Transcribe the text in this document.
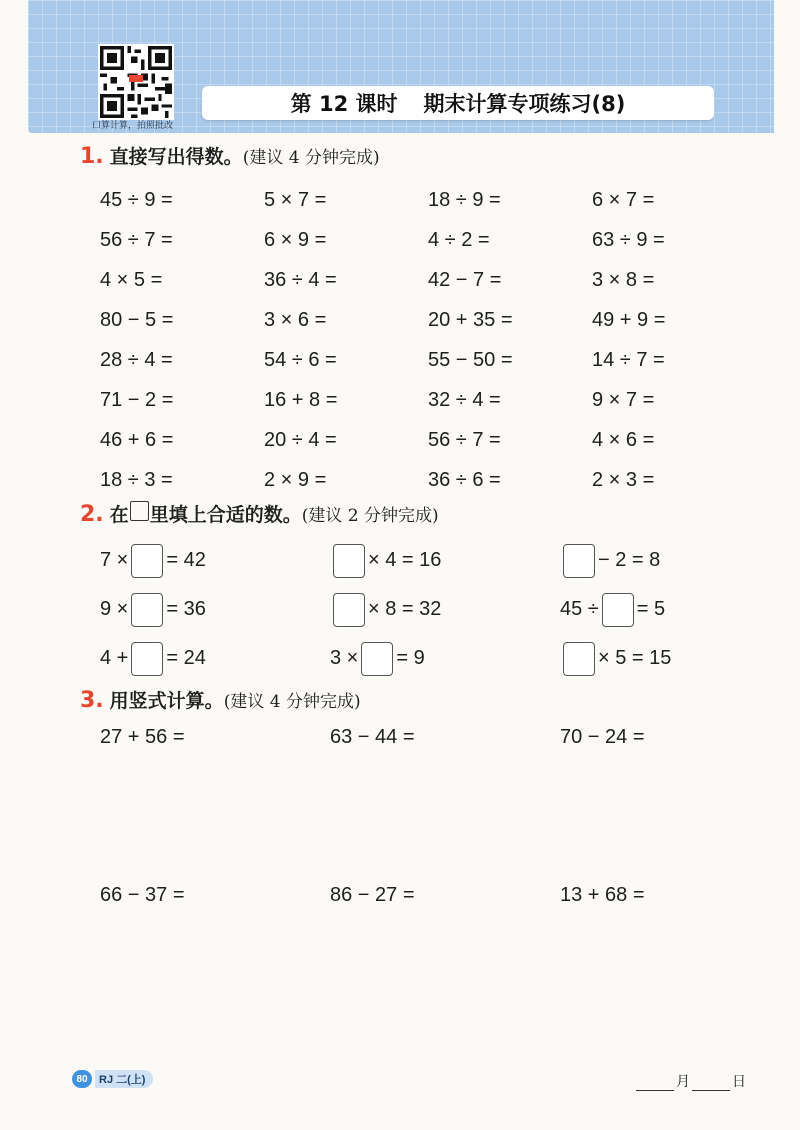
口算计算，拍照批改
第 12 课时 期末计算专项练习(8)
1. 直接写出得数。 (建议 4 分钟完成)
45 ÷ 9 =	5 × 7 =	18 ÷ 9 =	6 × 7 =
56 ÷ 7 =	6 × 9 =	4 ÷ 2 =	63 ÷ 9 =
4 × 5 =	36 ÷ 4 =	42 − 7 =	3 × 8 =
80 − 5 =	3 × 6 =	20 + 35 =	49 + 9 =
28 ÷ 4 =	54 ÷ 6 =	55 − 50 =	14 ÷ 7 =
71 − 2 =	16 + 8 =	32 ÷ 4 =	9 × 7 =
46 + 6 =	20 ÷ 4 =	56 ÷ 7 =	4 × 6 =
18 ÷ 3 =	2 × 9 =	36 ÷ 6 =	2 × 3 =
2. 在 里填上合适的数。 (建议 2 分钟完成)
7 × = 42	× 4 = 16	− 2 = 8
9 × = 36	× 8 = 32	45 ÷ = 5
4 + = 24	3 × = 9	× 5 = 15
3. 用竖式计算。 (建议 4 分钟完成)
27 + 56 =	63 − 44 =	70 − 24 =
66 − 37 =	86 − 27 =	13 + 68 =
80	RJ 二(上)	月	日
